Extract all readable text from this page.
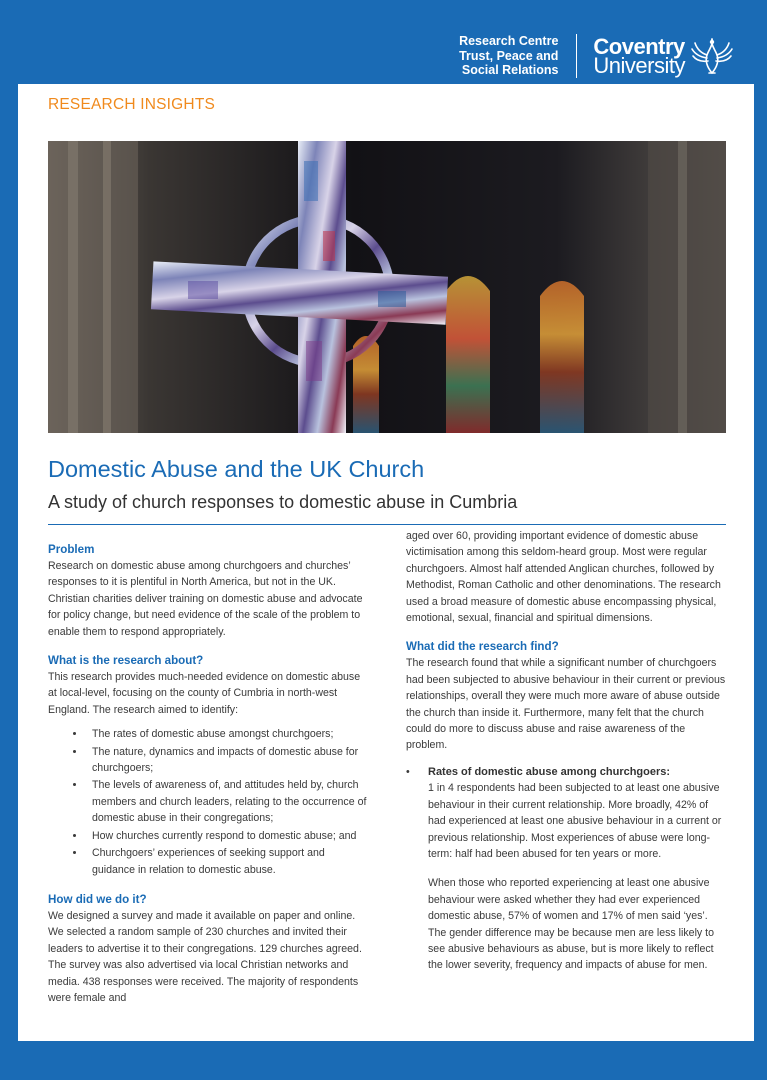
Research Centre
Trust, Peace and
Social Relations
Coventry
University
RESEARCH INSIGHTS
Domestic Abuse and the UK Church
A study of church responses to domestic abuse in Cumbria

Problem

Research on domestic abuse among churchgoers and churches’ responses to it is plentiful in North America, but not in the UK. Christian charities deliver training on domestic abuse and advocate for policy change, but need evidence of the scale of the problem to enable them to respond appropriately.

What is the research about?

This research provides much-needed evidence on domestic abuse at local-level, focusing on the county of Cumbria in north-west England. The research aimed to identify:

• The rates of domestic abuse amongst churchgoers;
• The nature, dynamics and impacts of domestic abuse for churchgoers;
• The levels of awareness of, and attitudes held by, church members and church leaders, relating to the occurrence of domestic abuse in their congregations;
• How churches currently respond to domestic abuse; and
• Churchgoers’ experiences of seeking support and guidance in relation to domestic abuse.

How did we do it?

We designed a survey and made it available on paper and online. We selected a random sample of 230 churches and invited their leaders to advertise it to their congregations. 129 churches agreed. The survey was also advertised via local Christian networks and media. 438 responses were received. The majority of respondents were female and

aged over 60, providing important evidence of domestic abuse victimisation among this seldom-heard group. Most were regular churchgoers. Almost half attended Anglican churches, followed by Methodist, Roman Catholic and other denominations. The research used a broad measure of domestic abuse encompassing physical, emotional, sexual, financial and spiritual dimensions.

What did the research find?

The research found that while a significant number of churchgoers had been subjected to abusive behaviour in their current or previous relationships, overall they were much more aware of abuse outside the church than inside it. Furthermore, many felt that the church could do more to discuss abuse and raise awareness of the problem.

• Rates of domestic abuse among churchgoers:

1 in 4 respondents had been subjected to at least one abusive behaviour in their current relationship. More broadly, 42% of had experienced at least one abusive behaviour in a current or previous relationship. Most experiences of abuse were long-term: half had been abused for ten years or more.

When those who reported experiencing at least one abusive behaviour were asked whether they had ever experienced domestic abuse, 57% of women and 17% of men said ‘yes’. The gender difference may be because men are less likely to see abusive behaviours as abuse, but is more likely to reflect the lower severity, frequency and impacts of abuse for men.
